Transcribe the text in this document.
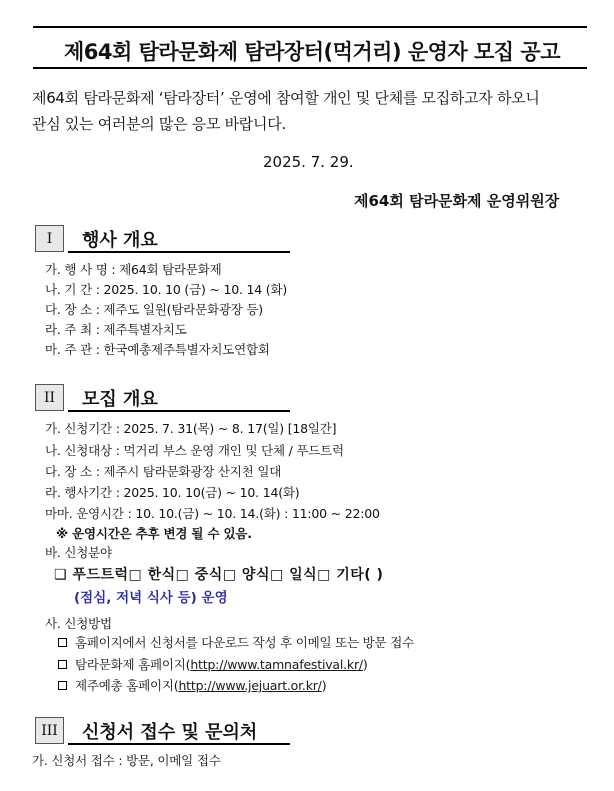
제64회 탐라문화제 탐라장터(먹거리) 운영자 모집 공고
제64회 탐라문화제 ‘탐라장터’ 운영에 참여할 개인 및 단체를 모집하고자 하오니
관심 있는 여러분의 많은 응모 바랍니다.
2025. 7. 29.
제64회 탐라문화제 운영위원장
I	행사 개요
가. 행 사 명 : 제64회 탐라문화제
나. 기 간 : 2025. 10. 10 (금) ~ 10. 14 (화)
다. 장 소 : 제주도 일원(탐라문화광장 등)
라. 주 최 : 제주특별자치도
마. 주 관 : 한국예총제주특별자치도연합회
II	모집 개요
가. 신청기간 : 2025. 7. 31(목) ~ 8. 17(일) [18일간]
나. 신청대상 : 먹거리 부스 운영 개인 및 단체 / 푸드트럭
다. 장 소 : 제주시 탐라문화광장 산지천 일대
라. 행사기간 : 2025. 10. 10(금) ~ 10. 14(화)
마마. 운영시간 : 10. 10.(금) ~ 10. 14.(화) : 11:00 ~ 22:00
※ 운영시간은 추후 변경 될 수 있음.
바. 신청분야
❑ 푸드트럭□ 한식□ 중식□ 양식□ 일식□ 기타( )
(점심, 저녁 식사 등) 운영
사. 신청방법
홈페이지에서 신청서를 다운로드 작성 후 이메일 또는 방문 접수
탐라문화제 홈페이지(http://www.tamnafestival.kr/)
제주예총 홈페이지(http://www.jejuart.or.kr/)
III	신청서 접수 및 문의처
가. 신청서 접수 : 방문, 이메일 접수
